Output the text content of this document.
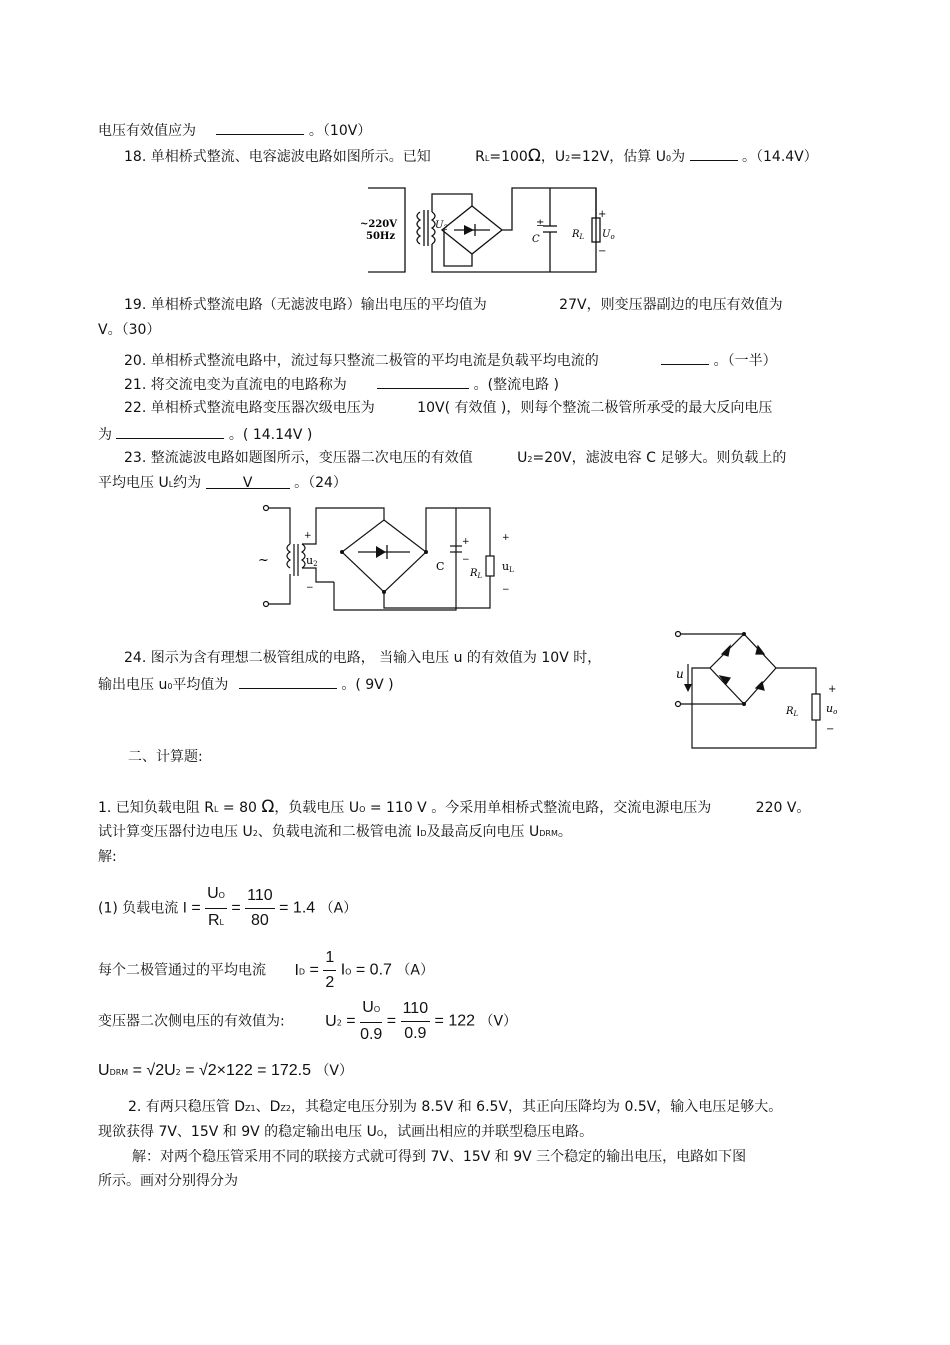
电压有效值应为	。（10V）
18. 单相桥式整流、电容滤波电路如图所示。已知	RL=100Ω，U2=12V，估算 U0为	。（14.4V）
~220V
50Hz
$U_2$	±
C	$R_L$
+
$U_o$
−
19. 单相桥式整流电路（无滤波电路）输出电压的平均值为	27V，则变压器副边的电压有效值为
V。（30）
20. 单相桥式整流电路中，流过每只整流二极管的平均电流是负载平均电流的	。（一半）
21. 将交流电变为直流电的电路称为	。(整流电路 )
22. 单相桥式整流电路变压器次级电压为	10V( 有效值 )，则每个整流二极管所承受的最大反向电压
为	。( 14.14V )
23. 整流滤波电路如题图所示，变压器二次电压的有效值	U2=20V，滤波电容 C 足够大。则负载上的
平均电压 UL约为	V	。（24）
~
+
u2
−
C
+
−
$R_L$
+
uL
−
24. 图示为含有理想二极管组成的电路， 当输入电压 u 的有效值为 10V 时，
输出电压 u0平均值为	。( 9V )
u
$R_L$
+
uo
−
二、计算题:
1. 已知负载电阻 RL = 80 Ω，负载电压 UO = 110 V 。今采用单相桥式整流电路，交流电源电压为	220 V。
试计算变压器付边电压 U2、负载电流和二极管电流 ID及最高反向电压 UDRM。
解:
(1) 负载电流 $I = \frac{UO}{RL} = \frac{110}{80} = 1.4$ （A）
每个二极管通过的平均电流 ID = $\frac{1}{2}$ IO = 0.7 （A）
变压器二次侧电压的有效值为:	$U2 = \frac{UO}{0.9} = \frac{110}{0.9} = 122$ （V）
UDRM = √2U2 = √2×122 = 172.5 （V）
2. 有两只稳压管 DZ1、DZ2，其稳定电压分别为 8.5V 和 6.5V，其正向压降均为 0.5V，输入电压足够大。
现欲获得 7V、15V 和 9V 的稳定输出电压 UO，试画出相应的并联型稳压电路。
解：对两个稳压管采用不同的联接方式就可得到 7V、15V 和 9V 三个稳定的输出电压，电路如下图
所示。画对分别得分为
